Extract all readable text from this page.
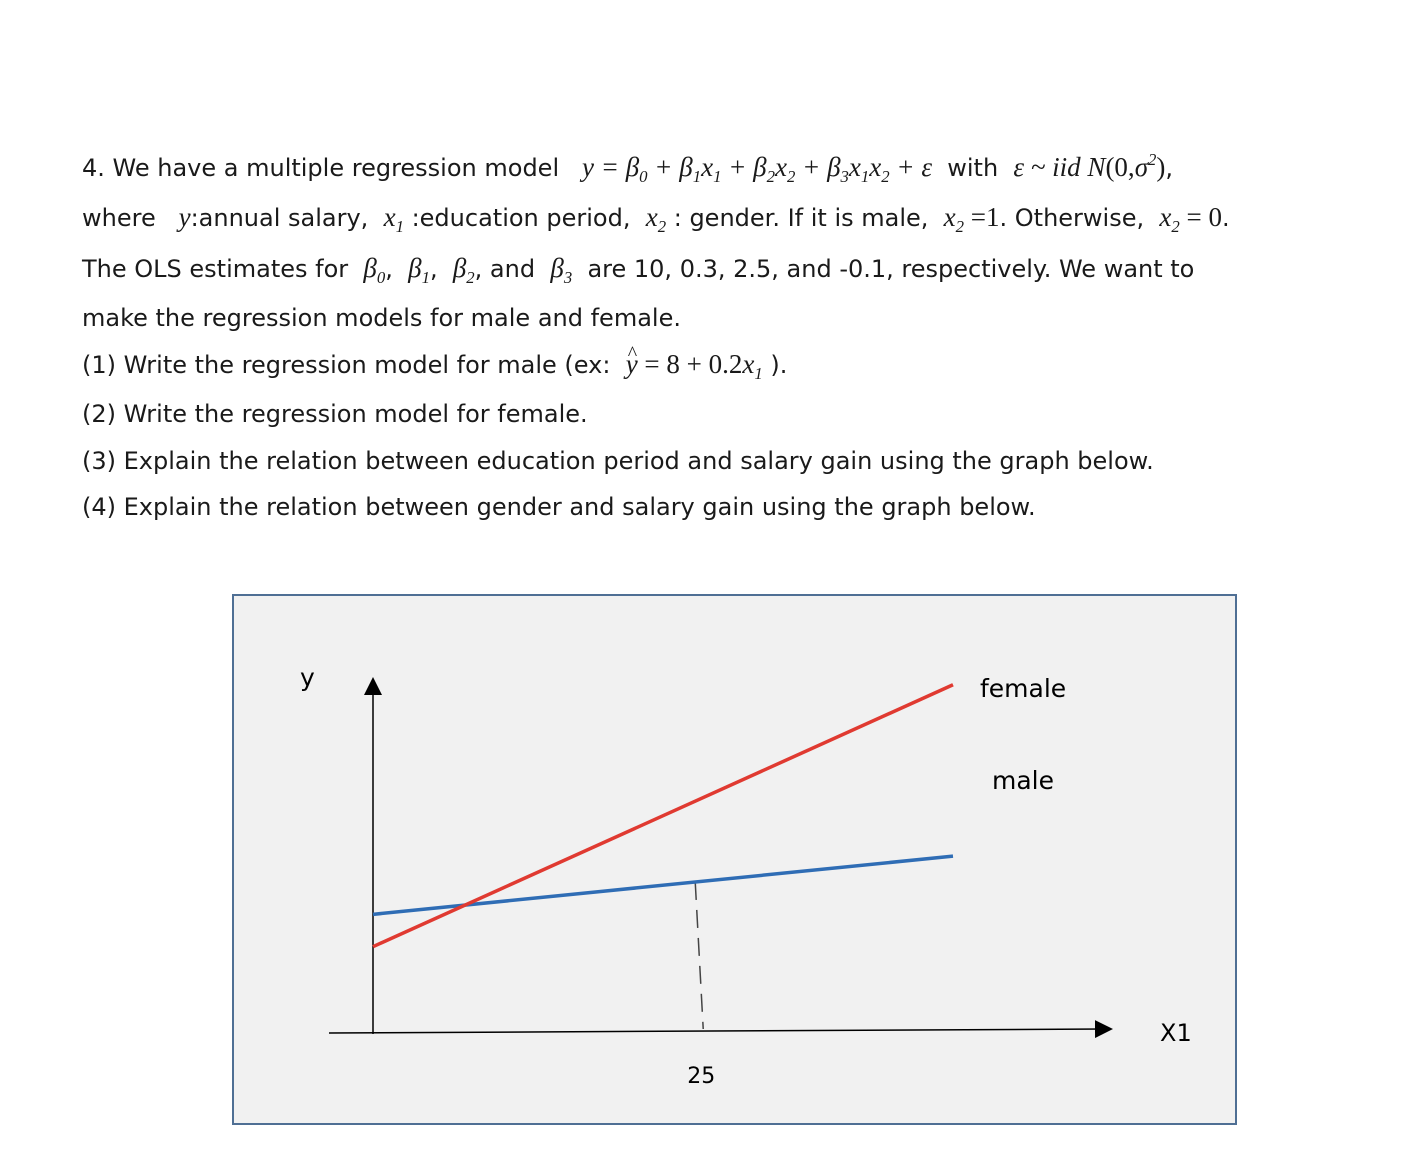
4. We have a multiple regression model $y = \beta_0 + \beta_1x_1 + \beta_2x_2 + \beta_3x_1x_2 + \varepsilon$ with ε ~ iid $N(0,\sigma^2)$,
where y:annual salary, $x_1$ :education period, $x_2$ : gender. If it is male, $x_2 =1$. Otherwise, $x_2 = 0$.
The OLS estimates for $\beta_0$,  $\beta_1$,  $\beta_2$, and $\beta_3$ are 10, 0.3, 2.5, and -0.1, respectively. We want to
make the regression models for male and female.
(1) Write the regression model for male (ex:  ^ $y = 8 + 0.2x_1$ ).
(2) Write the regression model for female.
(3) Explain the relation between education period and salary gain using the graph below.
(4) Explain the relation between gender and salary gain using the graph below.
y
X1
25
female
male
